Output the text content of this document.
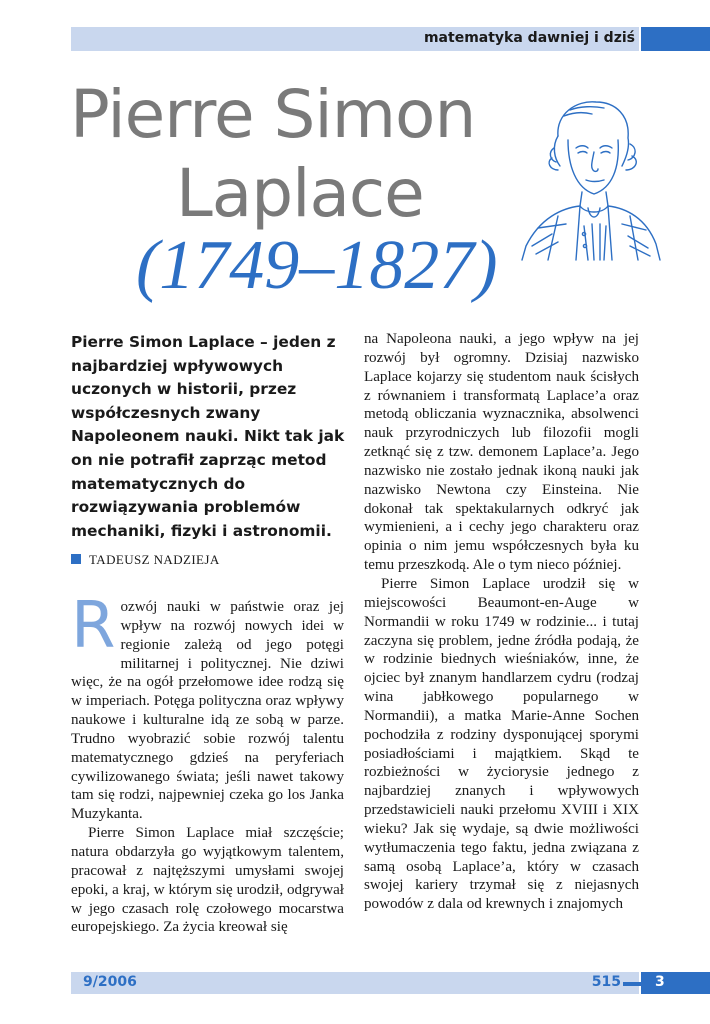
matematyka dawniej i dziś
Pierre Simon
Laplace
(1749–1827)
Pierre Simon Laplace – jeden z najbardziej wpływowych uczonych w historii, przez współczesnych zwany Napoleonem nauki. Nikt tak jak on nie potrafił zaprząc metod matematycznych do rozwiązywania problemów mechaniki, fizyki i astronomii.
TADEUSZ NADZIEJA

Rozwój nauki w państwie oraz jej wpływ na rozwój nowych idei w regionie zależą od jego potęgi militarnej i politycznej. Nie dziwi więc, że na ogół przełomowe idee rodzą się w imperiach. Potęga polityczna oraz wpływy naukowe i kulturalne idą ze sobą w parze. Trudno wyobrazić sobie rozwój talentu matematycznego gdzieś na peryferiach cywilizowanego świata; jeśli nawet takowy tam się rodzi, najpewniej czeka go los Janka Muzykanta.

Pierre Simon Laplace miał szczęście; natura obdarzyła go wyjątkowym talentem, pracował z najtęższymi umysłami swojej epoki, a kraj, w którym się urodził, odgrywał w jego czasach rolę czołowego mocarstwa europejskiego. Za życia kreował się

na Napoleona nauki, a jego wpływ na jej rozwój był ogromny. Dzisiaj nazwisko Laplace kojarzy się studentom nauk ścisłych z równaniem i transformatą Laplace’a oraz metodą obliczania wyznacznika, absolwenci nauk przyrodniczych lub filozofii mogli zetknąć się z tzw. demonem Laplace’a. Jego nazwisko nie zostało jednak ikoną nauki jak nazwisko Newtona czy Einsteina. Nie dokonał tak spektakularnych odkryć jak wymienieni, a i cechy jego charakteru oraz opinia o nim jemu współczesnych była ku temu przeszkodą. Ale o tym nieco później.

Pierre Simon Laplace urodził się w miejscowości Beaumont-en-Auge w Normandii w roku 1749 w rodzinie... i tutaj zaczyna się problem, jedne źródła podają, że w rodzinie biednych wieśniaków, inne, że ojciec był znanym handlarzem cydru (rodzaj wina jabłkowego popularnego w Normandii), a matka Marie-Anne Sochen pochodziła z rodziny dysponującej sporymi posiadłościami i majątkiem. Skąd te rozbieżności w życiorysie jednego z najbardziej znanych i wpływowych przedstawicieli nauki przełomu XVIII i XIX wieku? Jak się wydaje, są dwie możliwości wytłumaczenia tego faktu, jedna związana z samą osobą Laplace’a, który w czasach swojej kariery trzymał się z niejasnych powodów z dala od krewnych i znajomych

9/2006	515 3
